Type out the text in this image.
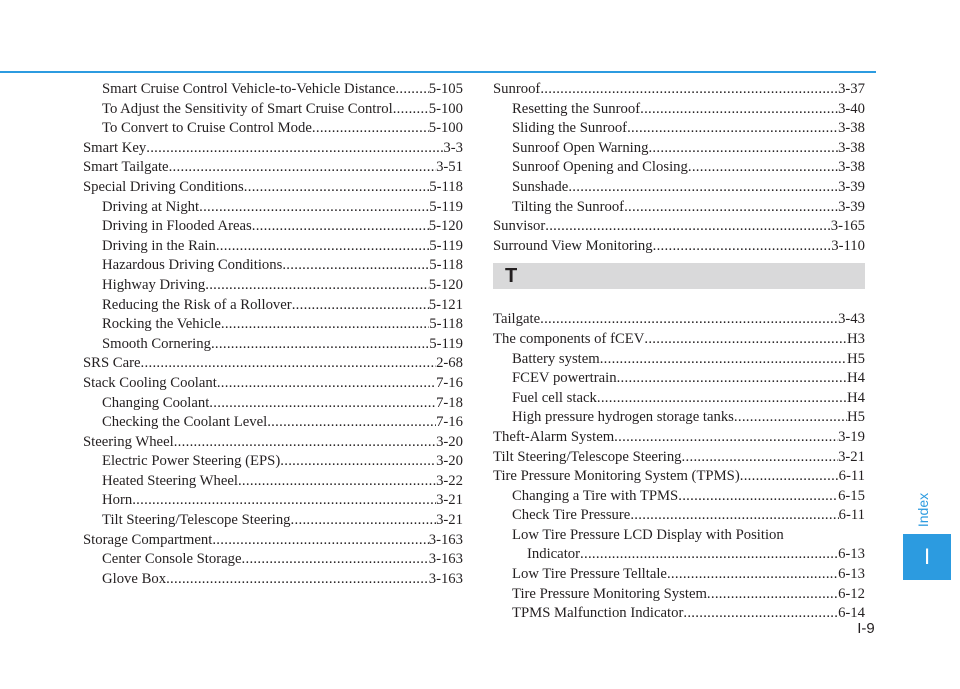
Smart Cruise Control Vehicle-to-Vehicle Distance ..... 5-105
To Adjust the Sensitivity of Smart Cruise Control ..... 5-100
To Convert to Cruise Control Mode .....	5-100
Smart Key .....	3-3
Smart Tailgate .....	3-51
Special Driving Conditions .....	5-118
Driving at Night .....	5-119
Driving in Flooded Areas .....	5-120
Driving in the Rain .....	5-119
Hazardous Driving Conditions .....	5-118
Highway Driving .....	5-120
Reducing the Risk of a Rollover .....	5-121
Rocking the Vehicle .....	5-118
Smooth Cornering .....	5-119
SRS Care .....	2-68
Stack Cooling Coolant .....	7-16
Changing Coolant .....	7-18
Checking the Coolant Level .....	7-16
Steering Wheel .....	3-20
Electric Power Steering (EPS) .....	3-20
Heated Steering Wheel .....	3-22
Horn .....	3-21
Tilt Steering/Telescope Steering .....	3-21
Storage Compartment .....	3-163
Center Console Storage .....	3-163
Glove Box .....	3-163
Sunroof .....	3-37
Resetting the Sunroof .....	3-40
Sliding the Sunroof .....	3-38
Sunroof Open Warning .....	3-38
Sunroof Opening and Closing .....	3-38
Sunshade .....	3-39
Tilting the Sunroof .....	3-39
Sunvisor .....	3-165
Surround View Monitoring .....	3-110
T
Tailgate .....	3-43
The components of fCEV .....	H3
Battery system .....	H5
FCEV powertrain .....	H4
Fuel cell stack .....	H4
High pressure hydrogen storage tanks .....	H5
Theft-Alarm System .....	3-19
Tilt Steering/Telescope Steering .....	3-21
Tire Pressure Monitoring System (TPMS) .....	6-11
Changing a Tire with TPMS .....	6-15
Check Tire Pressure .....	6-11
Low Tire Pressure LCD Display with Position
Indicator .....	6-13
Low Tire Pressure Telltale .....	6-13
Tire Pressure Monitoring System .....	6-12
TPMS Malfunction Indicator .....	6-14
Index
I
I-9
